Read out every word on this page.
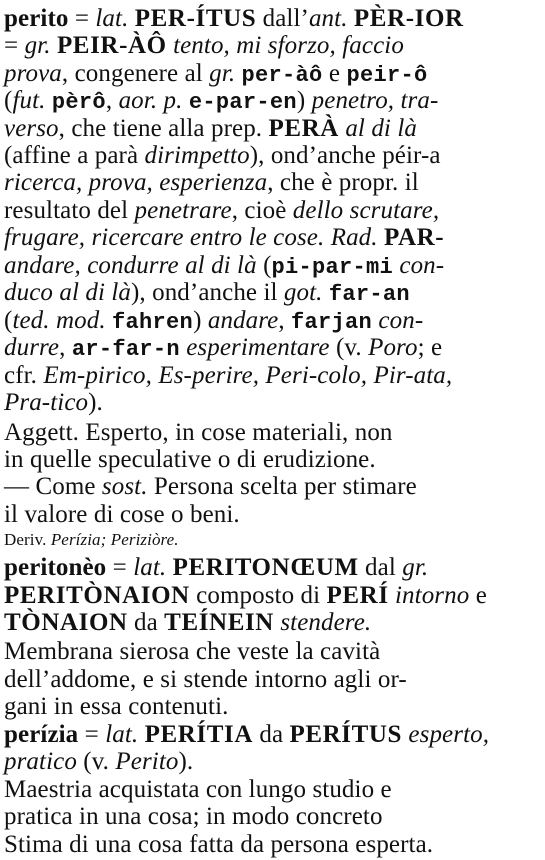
perito = lat. PER-ÍTUS dall’ant. PÈR-IOR
= gr. PEIR-ÀÔ tento, mi sforzo, faccio
prova, congenere al gr. per-àô e peir-ô
(fut. pèrô, aor. p. e-par-en) penetro, tra-
verso, che tiene alla prep. PERÀ al di là
(affine a parà dirimpetto), ond’anche péir-a
ricerca, prova, esperienza, che è propr. il
resultato del penetrare, cioè dello scrutare,
frugare, ricercare entro le cose. Rad. PAR-
andare, condurre al di là (pi-par-mi con-
duco al di là), ond’anche il got. far-an
(ted. mod. fahren) andare, farjan con-
durre, ar-far-n esperimentare (v. Poro; e
cfr. Em-pirico, Es-perire, Peri-colo, Pir-ata,
Pra-tico).
Aggett. Esperto, in cose materiali, non
in quelle speculative o di erudizione.
— Come sost. Persona scelta per stimare
il valore di cose o beni.
Deriv. Perízia; Periziòre.
peritonèo = lat. PERITONŒUM dal gr.
PERITÒNAION composto di PERÍ intorno e
TÒNAION da TEÍNEIN stendere.
Membrana sierosa che veste la cavità
dell’addome, e si stende intorno agli or-
gani in essa contenuti.
perízia = lat. PERÍTIA da PERÍTUS esperto,
pratico (v. Perito).
Maestria acquistata con lungo studio e
pratica in una cosa; in modo concreto
Stima di una cosa fatta da persona esperta.
